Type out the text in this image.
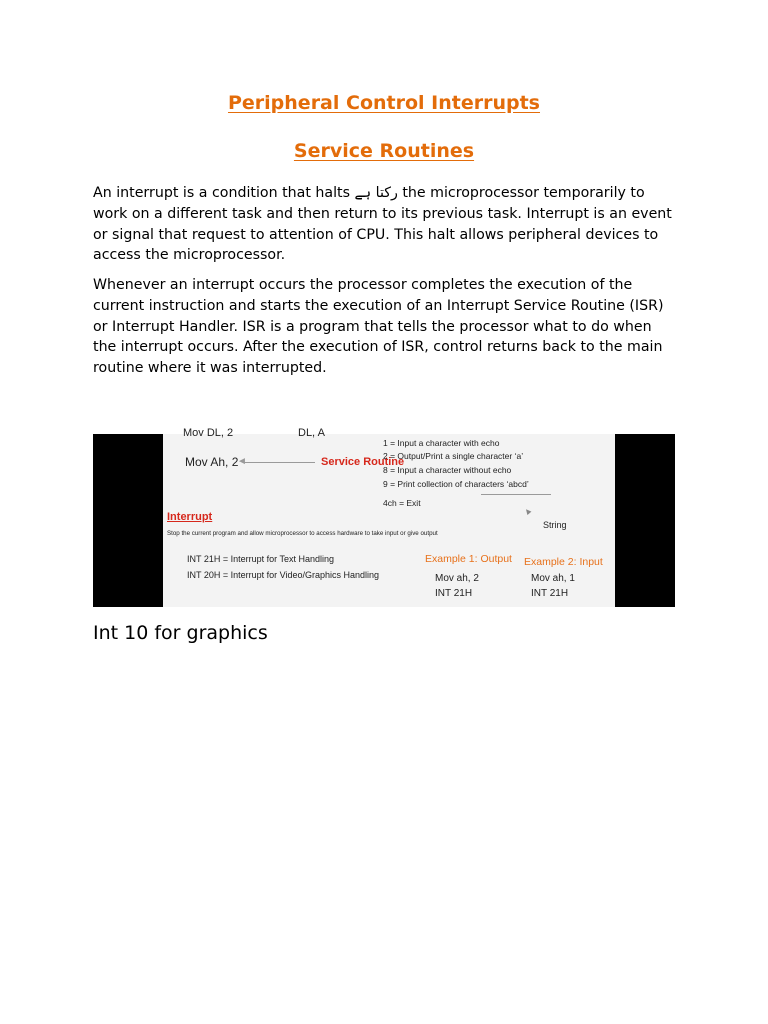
Peripheral Control Interrupts
Service Routines

An interrupt is a condition that halts رکتا ہے the microprocessor temporarily to work on a different task and then return to its previous task. Interrupt is an event or signal that request to attention of CPU. This halt allows peripheral devices to access the microprocessor.

Whenever an interrupt occurs the processor completes the execution of the current instruction and starts the execution of an Interrupt Service Routine (ISR) or Interrupt Handler. ISR is a program that tells the processor what to do when the interrupt occurs. After the execution of ISR, control returns back to the main routine where it was interrupted.

Mov DL, 2	DL, A
Mov Ah, 2
◄	Service Routine
1 = Input a character with echo
2 = Output/Print a single character ‘a’
8 = Input a character without echo
9 = Print collection of characters ‘abcd’
4ch = Exit
▲
String
Interrupt
Stop the current program and allow microprocessor to access hardware to take input or give output
INT 21H = Interrupt for Text Handling
INT 20H = Interrupt for Video/Graphics Handling
Example 1: Output
Mov ah, 2
INT 21H
Example 2: Input
Mov ah, 1
INT 21H
Int 10 for graphics
